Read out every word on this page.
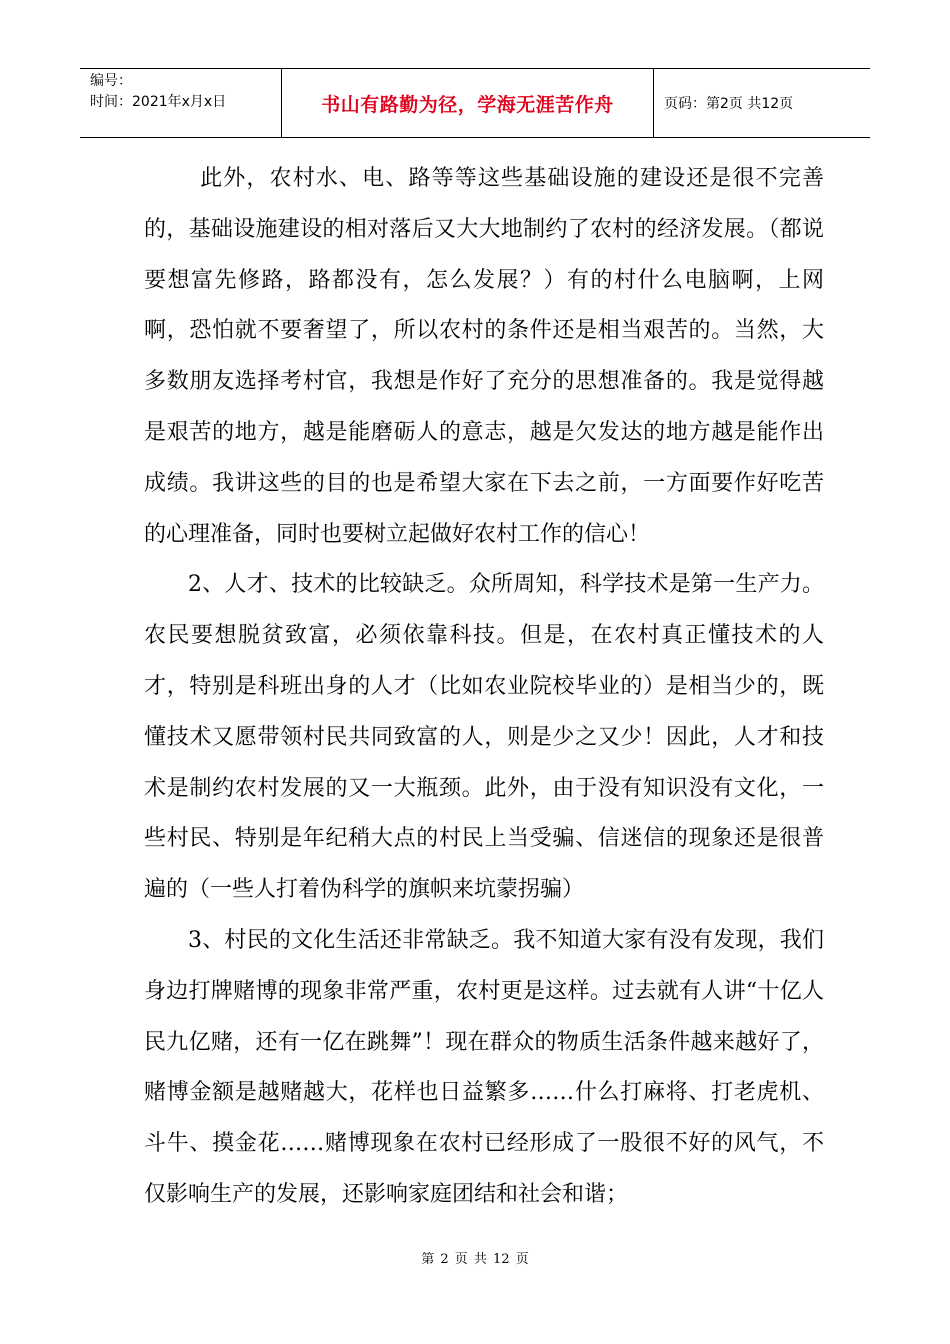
编号：
时间：2021年x月x日	书山有路勤为径，学海无涯苦作舟	页码：第2页 共12页

此外，农村水、电、路等等这些基础设施的建设还是很不完善的，基础设施建设的相对落后又大大地制约了农村的经济发展。（都说要想富先修路，路都没有，怎么发展？）有的村什么电脑啊，上网啊，恐怕就不要奢望了，所以农村的条件还是相当艰苦的。当然，大多数朋友选择考村官，我想是作好了充分的思想准备的。我是觉得越是艰苦的地方，越是能磨砺人的意志，越是欠发达的地方越是能作出成绩。我讲这些的目的也是希望大家在下去之前，一方面要作好吃苦的心理准备，同时也要树立起做好农村工作的信心！

2、人才、技术的比较缺乏。众所周知，科学技术是第一生产力。农民要想脱贫致富，必须依靠科技。但是，在农村真正懂技术的人才，特别是科班出身的人才（比如农业院校毕业的）是相当少的，既懂技术又愿带领村民共同致富的人，则是少之又少！因此，人才和技术是制约农村发展的又一大瓶颈。此外，由于没有知识没有文化，一些村民、特别是年纪稍大点的村民上当受骗、信迷信的现象还是很普遍的（一些人打着伪科学的旗帜来坑蒙拐骗）

3、村民的文化生活还非常缺乏。我不知道大家有没有发现，我们身边打牌赌博的现象非常严重，农村更是这样。过去就有人讲“十亿人民九亿赌，还有一亿在跳舞”！现在群众的物质生活条件越来越好了，赌博金额是越赌越大，花样也日益繁多……什么打麻将、打老虎机、斗牛、摸金花……赌博现象在农村已经形成了一股很不好的风气，不仅影响生产的发展，还影响家庭团结和社会和谐；

第 2 页 共 12 页
